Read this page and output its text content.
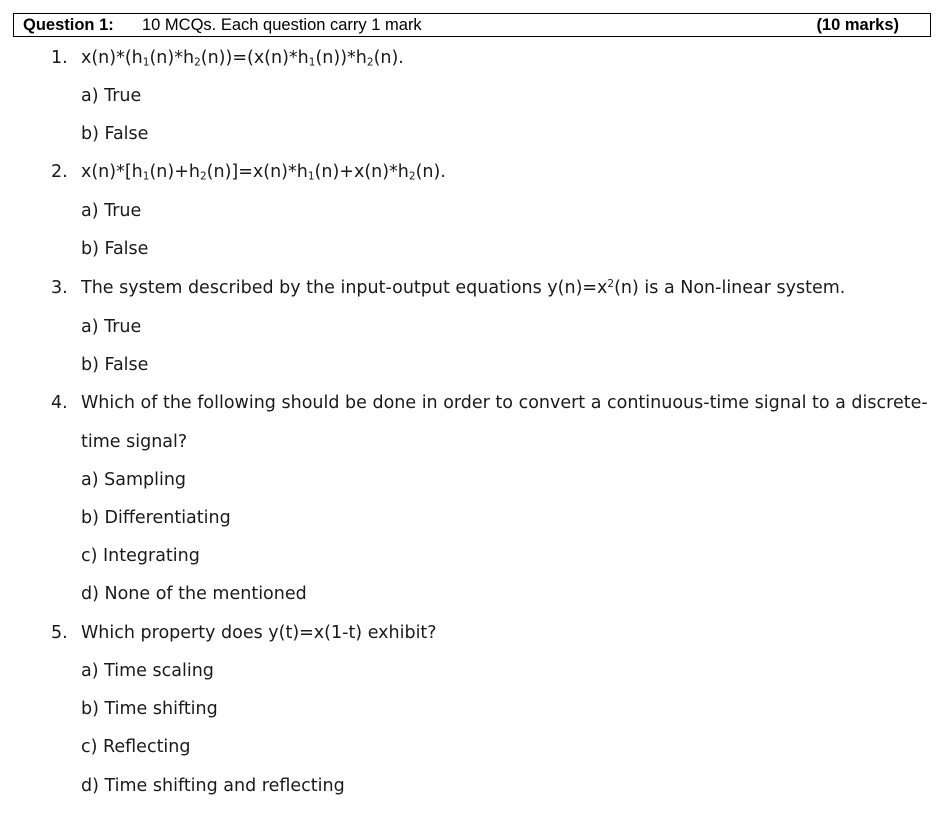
Question 1: 10 MCQs. Each question carry 1 mark	(10 marks)
1. $x(n)*(h_1(n)*h_2(n))=(x(n)*h_1(n))*h_2(n)$.
a) True
b) False
2. $x(n)*[h_1(n)+h_2(n)]=x(n)*h_1(n)+x(n)*h_2(n)$.
a) True
b) False
3. The system described by the input-output equations $y(n)=x^2(n)$ is a Non-linear system.
a) True
b) False
4. Which of the following should be done in order to convert a continuous-time signal to a discrete-
time signal?
a) Sampling
b) Differentiating
c) Integrating
d) None of the mentioned
5. Which property does y(t)=x(1-t) exhibit?
a) Time scaling
b) Time shifting
c) Reflecting
d) Time shifting and reflecting
